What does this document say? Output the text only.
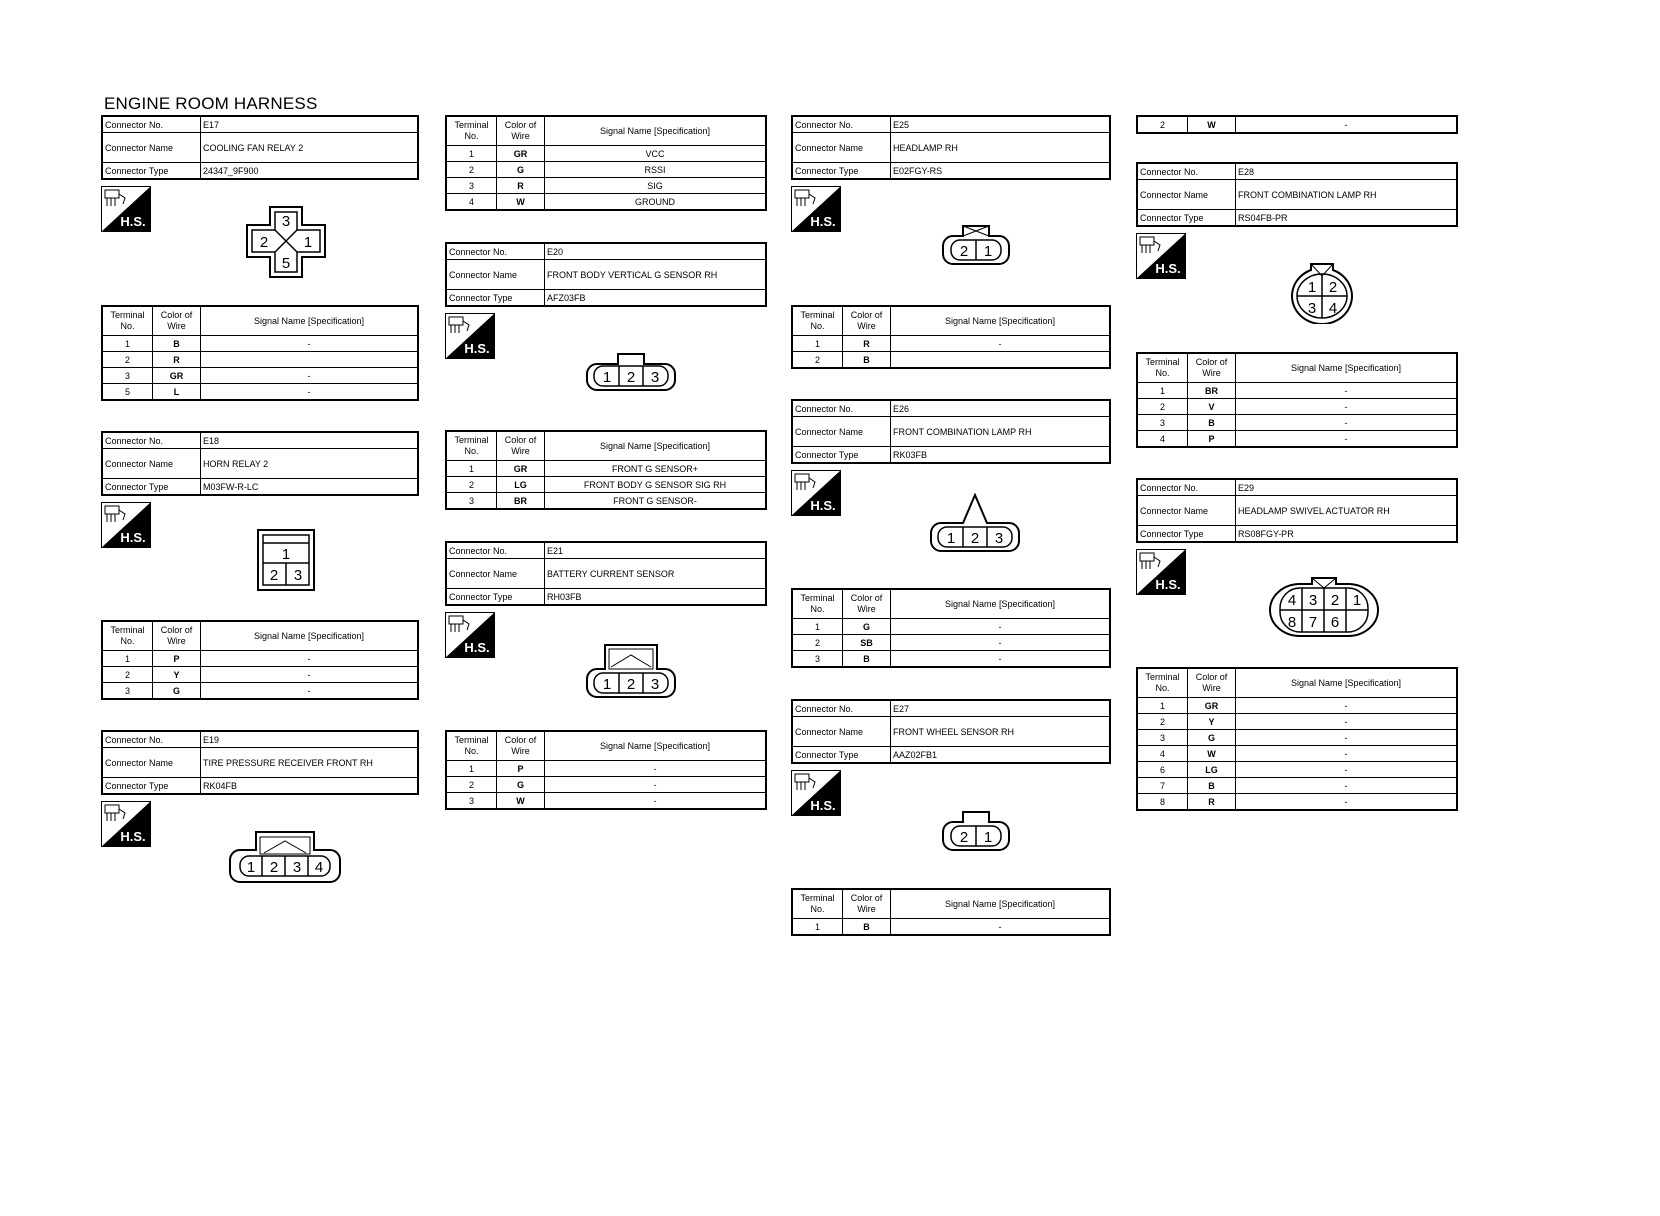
ENGINE ROOM HARNESS
Connector No.	E17
Connector Name	COOLING FAN RELAY 2
Connector Type	24347_9F900
H.S.	3
2 1
5
Terminal No.	Color of Wire	Signal Name [Specification]
1	B	-
2	R	
3	GR	-
5	L	-
Connector No.	E18
Connector Name	HORN RELAY 2
Connector Type	M03FW-R-LC
H.S.
1
2 3
Terminal No.	Color of Wire	Signal Name [Specification]
1	P	-
2	Y	-
3	G	-
Connector No.	E19
Connector Name	TIRE PRESSURE RECEIVER FRONT RH
Connector Type	RK04FB
H.S.
1 2 3 4
Terminal No.	Color of Wire	Signal Name [Specification]
1	GR	VCC
2	G	RSSI
3	R	SIG
4	W	GROUND
Connector No.	E20
Connector Name	FRONT BODY VERTICAL G SENSOR RH
Connector Type	AFZ03FB
H.S.
1 2 3
Terminal No.	Color of Wire	Signal Name [Specification]
1	GR	FRONT G SENSOR+
2	LG	FRONT BODY G SENSOR SIG RH
3	BR	FRONT G SENSOR-
Connector No.	E21
Connector Name	BATTERY CURRENT SENSOR
Connector Type	RH03FB
H.S.
1 2 3
Terminal No.	Color of Wire	Signal Name [Specification]
1	P	-
2	G	-
3	W	-
Connector No.	E25
Connector Name	HEADLAMP RH
Connector Type	E02FGY-RS
H.S.
2 1
Terminal No.	Color of Wire	Signal Name [Specification]
1	R	-
2	B	
Connector No.	E26
Connector Name	FRONT COMBINATION LAMP RH
Connector Type	RK03FB
H.S.
1 2 3
Terminal No.	Color of Wire	Signal Name [Specification]
1	G	-
2	SB	-
3	B	-
Connector No.	E27
Connector Name	FRONT WHEEL SENSOR RH
Connector Type	AAZ02FB1
H.S.
2 1
Terminal No.	Color of Wire	Signal Name [Specification]
1	B	-
2	W	-
Connector No.	E28
Connector Name	FRONT COMBINATION LAMP RH
Connector Type	RS04FB-PR
H.S.
1 2
3 4
Terminal No.	Color of Wire	Signal Name [Specification]
1	BR	-
2	V	-
3	B	-
4	P	-
Connector No.	E29
Connector Name	HEADLAMP SWIVEL ACTUATOR RH
Connector Type	RS08FGY-PR
H.S.
4 3 2 1
8 7 6
Terminal No.	Color of Wire	Signal Name [Specification]
1	GR	-
2	Y	-
3	G	-
4	W	-
6	LG	-
7	B	-
8	R	-
